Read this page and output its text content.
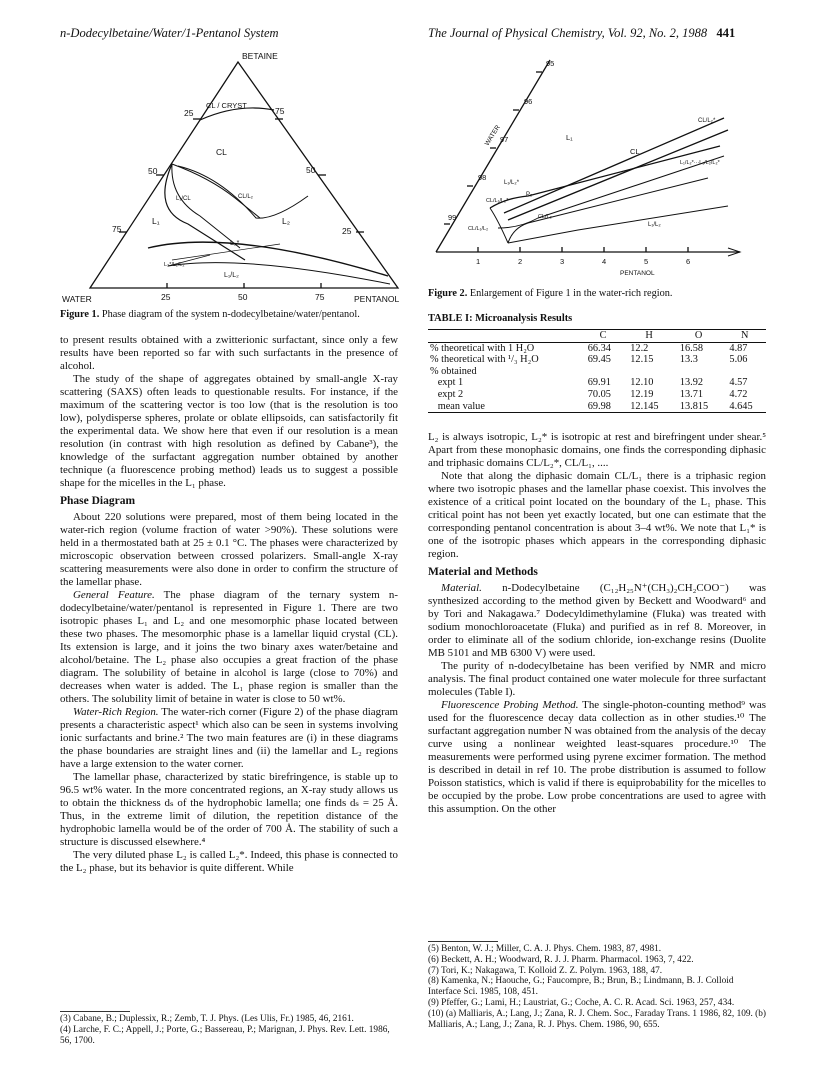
n-Dodecylbetaine/Water/1-Pentanol System	The Journal of Physical Chemistry, Vol. 92, No. 2, 1988 441
BETAINE
WATER	PENTANOL
25	75
50	50
75	25
25	50	75
CL / CRYST
CL
L₁	L₂
L₁/CL	CL/L₂
L₂*
L₂*/L₁/L₂
L₁/L₂
Figure 1. Phase diagram of the system n-dodecylbetaine/water/pentanol.
95
96
97
98
99
WATER	L₁
CL
CL/L₂*
L₁/L₂*···L₁/L₂/L₂*
L₁/L₂*
P₂
CL/L₁/L₂*
CL/L₂
CL/L₁/L₂
L₁/L₂
1	2	3	4	5	6
PENTANOL
Figure 2. Enlargement of Figure 1 in the water-rich region.
TABLE I: Microanalysis Results
	C	H	O	N
% theoretical with 1 H₂O	66.34	12.2	16.58	4.87
% theoretical with ¹/₃ H₂O	69.45	12.15	13.3	5.06
% obtained				
expt 1	69.91	12.10	13.92	4.57
expt 2	70.05	12.19	13.71	4.72
mean value	69.98	12.145	13.815	4.645

to present results obtained with a zwitterionic surfactant, since only a few results have been reported so far with such surfactants in the presence of alcohol.

The study of the shape of aggregates obtained by small-angle X-ray scattering (SAXS) often leads to questionable results. For instance, if the maximum of the scattering vector is too low (that is the resolution is too low), polydisperse spheres, prolate or oblate ellipsoids, can satisfactorily fit the experimental data. We show here that even if our resolution is a mean resolution (in contrast with high resolution as defined by Cabane³), the knowledge of the surfactant aggregation number obtained by another technique (a fluorescence probing method) leads us to suggest a possible shape for the micelles in the L₁ phase.

Phase Diagram

About 220 solutions were prepared, most of them being located in the water-rich region (volume fraction of water >90%). These solutions were held in a thermostated bath at 25 ± 0.1 °C. The phases were characterized by microscopic observation between crossed polarizers. Small-angle X-ray scattering measurements were also done in order to confirm the structure of the lamellar phase.

General Feature. The phase diagram of the ternary system n-dodecylbetaine/water/pentanol is represented in Figure 1. There are two isotropic phases L₁ and L₂ and one mesomorphic phase located between these two phases. The mesomorphic phase is a lamellar liquid crystal (CL). Its extension is large, and it joins the two binary axes water/betaine and alcohol/betaine. The L₂ phase also occupies a great fraction of the phase diagram. The solubility of betaine in alcohol is large (close to 70%) and decreases when water is added. The L₁ phase region is smaller than the others. The solubility limit of betaine in water is close to 50 wt%.

Water-Rich Region. The water-rich corner (Figure 2) of the phase diagram presents a characteristic aspect¹ which also can be seen in systems involving ionic surfactants and brine.² The two main features are (i) in these diagrams the phase boundaries are straight lines and (ii) the lamellar and L₂ regions have a large extension to the water corner.

The lamellar phase, characterized by static birefringence, is stable up to 96.5 wt% water. In the more concentrated regions, an X-ray study allows us to obtain the thickness dₛ of the hydrophobic lamella; one finds dₛ = 25 Å. Thus, in the extreme limit of dilution, the repetition distance of the hydrophobic lamella would be of the order of 700 Å. The stability of such a structure is discussed elsewhere.⁴

The very diluted phase L₂ is called L₂*. Indeed, this phase is connected to the L₂ phase, but its behavior is quite different. While

(3) Cabane, B.; Duplessix, R.; Zemb, T. J. Phys. (Les Ulis, Fr.) 1985, 46, 2161.
(4) Larche, F. C.; Appell, J.; Porte, G.; Bassereau, P.; Marignan, J. Phys. Rev. Lett. 1986, 56, 1700.

L₂ is always isotropic, L₂* is isotropic at rest and birefringent under shear.⁵ Apart from these monophasic domains, one finds the corresponding diphasic and triphasic domains CL/L₂*, CL/L₁, ....

Note that along the diphasic domain CL/L₁ there is a triphasic region where two isotropic phases and the lamellar phase coexist. This involves the existence of a critical point located on the boundary of the L₁ phase. This critical point has not been yet exactly located, but one can estimate that the corresponding pentanol concentration is about 3–4 wt%. We note that L₁* is one of the isotropic phases which appears in the corresponding diphasic region.

Material and Methods

Material. n-Dodecylbetaine (C₁₂H₂₅N⁺(CH₃)₂CH₂COO⁻) was synthesized according to the method given by Beckett and Woodward⁶ and by Tori and Nakagawa.⁷ Dodecyldimethylamine (Fluka) was treated with sodium monochloroacetate (Fluka) and purified as in ref 8. Moreover, in order to eliminate all of the sodium chloride, ion-exchange resins (Duolite MB 5101 and MB 6300 V) were used.

The purity of n-dodecylbetaine has been verified by NMR and micro analysis. The final product contained one water molecule for three surfactant molecules (Table I).

Fluorescence Probing Method. The single-photon-counting method⁹ was used for the fluorescence decay data collection as in other studies.¹⁰ The surfactant aggregation number N was obtained from the analysis of the decay curve using a nonlinear weighted least-squares procedure.¹⁰ The measurements were performed using pyrene excimer formation. The method is described in detail in ref 10. The probe distribution is assumed to follow Poisson statistics, which is valid if there is equiprobability for the micelles to be occupied by the probe. Low probe concentrations are used to agree with this assumption. On the other

(5) Benton, W. J.; Miller, C. A. J. Phys. Chem. 1983, 87, 4981.
(6) Beckett, A. H.; Woodward, R. J. J. Pharm. Pharmacol. 1963, 7, 422.
(7) Tori, K.; Nakagawa, T. Kolloid Z. Z. Polym. 1963, 188, 47.
(8) Kamenka, N.; Haouche, G.; Faucompre, B.; Brun, B.; Lindmann, B. J. Colloid Interface Sci. 1985, 108, 451.
(9) Pfeffer, G.; Lami, H.; Laustriat, G.; Coche, A. C. R. Acad. Sci. 1963, 257, 434.
(10) (a) Malliaris, A.; Lang, J.; Zana, R. J. Chem. Soc., Faraday Trans. 1 1986, 82, 109. (b) Malliaris, A.; Lang, J.; Zana, R. J. Phys. Chem. 1986, 90, 655.
